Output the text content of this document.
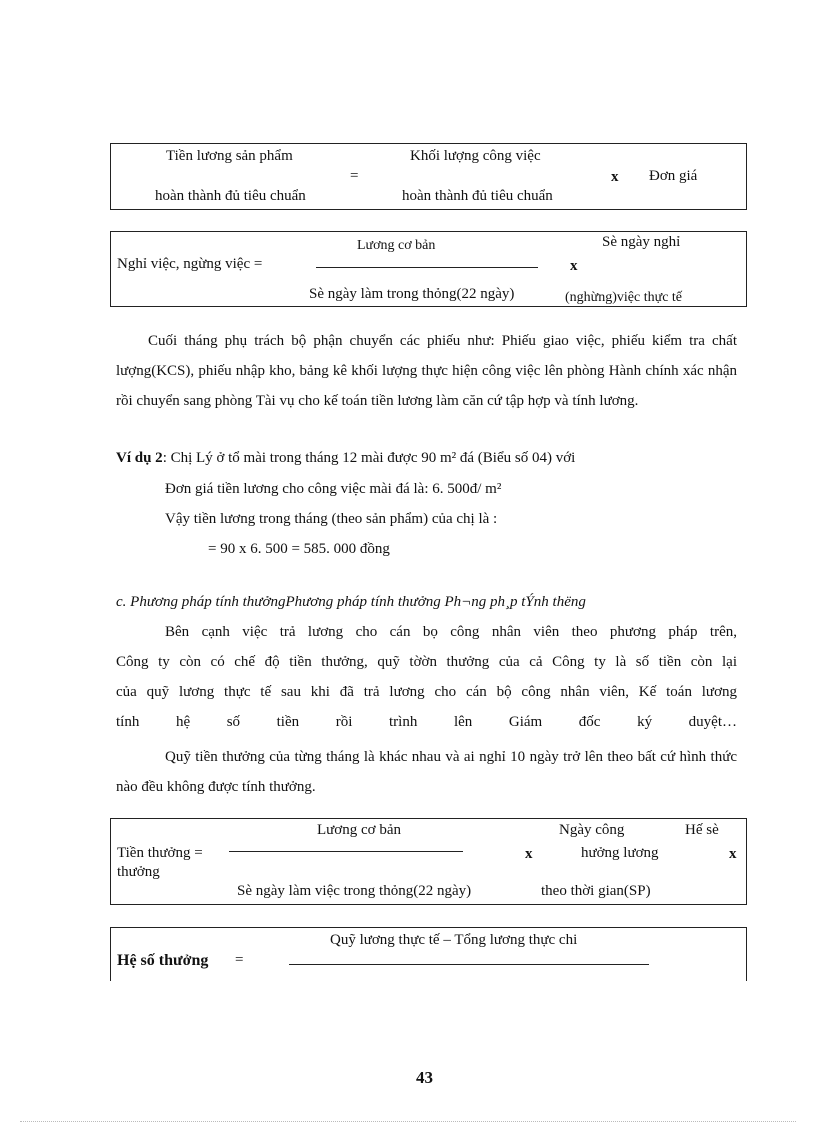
Tiền lương sản phẩm
hoàn thành đủ tiêu chuẩn
=
Khối lượng công việc
hoàn thành đủ tiêu chuẩn
x Đơn giá
Nghỉ việc, ngừng việc =
Lương cơ bản
Sè ngày làm trong thỏng(22 ngày)
x
Sè ngày nghỉ
(nghừng)việc thực tế
Cuối tháng phụ trách bộ phận chuyển các phiếu như: Phiếu giao việc, phiếu kiểm tra chất lượng(KCS), phiếu nhập kho, bảng kê khối lượng thực hiện công việc lên phòng Hành chính xác nhận rồi chuyển sang phòng Tài vụ cho kế toán tiền lương làm căn cứ tập hợp và tính lương.
Ví dụ 2: Chị Lý ở tổ mài trong tháng 12 mài được 90 m² đá (Biểu số 04) với
Đơn giá tiền lương cho công việc mài đá là: 6. 500đ/ m²
Vậy tiền lương trong tháng (theo sản phẩm) của chị là :
= 90 x 6. 500 = 585. 000 đồng
c. Phương pháp tính thưởngPhương pháp tính thưởng Ph¬ng ph¸p tÝnh thëng
Bên cạnh việc trả lương cho cán bọ công nhân viên theo phương pháp trên,
Công ty còn có chế độ tiền thưởng, quỹ tờờn thưởng của cả Công ty là số tiền còn lại
của quỹ lương thực tế sau khi đã trả lương cho cán bộ công nhân viên, Kế toán lương
tính hệ số tiền rồi trình lên Giám đốc ký duyệt…
Quỹ tiền thưởng của từng tháng là khác nhau và ai nghỉ 10 ngày trở lên theo bất cứ hình thức nào đều không được tính thưởng.
Tiền thưởng =
thưởng
Lương cơ bản
Sè ngày làm việc trong thỏng(22 ngày)
x
Ngày công
hưởng lương
theo thời gian(SP)
Hế sè
x
Hệ số thưởng =
Quỹ lương thực tế – Tổng lương thực chi
43
